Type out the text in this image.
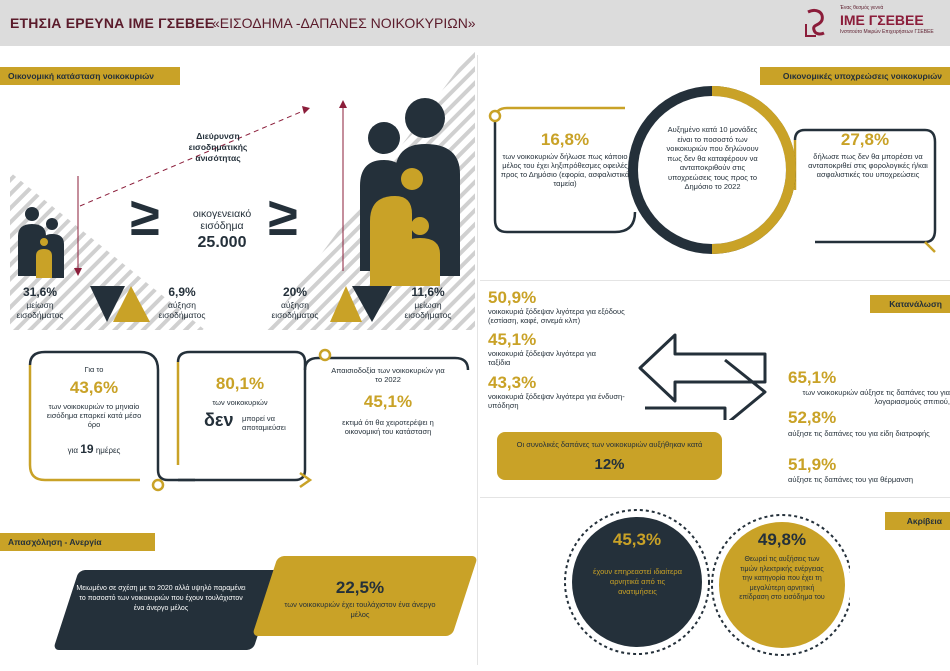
ΕΤΗΣΙΑ ΕΡΕΥΝΑ ΙΜΕ ΓΣΕΒΕΕ
«ΕΙΣΟΔΗΜΑ -ΔΑΠΑΝΕΣ ΝΟΙΚΟΚΥΡΙΩΝ»
Ένας θεσμός γεννά
ΙΜΕ ΓΣΕΒΕΕ
Ινστιτούτο Μικρών Επιχειρήσεων ΓΣΕΒΕΕ
Οικονομική κατάσταση νοικοκυριών
Διεύρυνση εισοδηματικής ανισότητας
≥ ≥
οικογενειακό εισόδημα
25.000
31,6%
μείωση εισοδήματος
6,9%
αύξηση εισοδήματος
20%
αύξηση εισοδήματος
11,6%
μείωση εισοδήματος
Για το
43,6%
των νοικοκυριών το μηνιαίο εισόδημα επαρκεί κατά μέσο όρο
για 19 ημέρες
80,1%
των νοικοκυριών
δεν μπορεί να αποταμιεύσει
Απαισιοδοξία των νοικοκυριών για το 2022
45,1%
εκτιμά ότι θα χειροτερέψει η οικονομική του κατάσταση
Απασχόληση - Ανεργία
Μειωμένο σε σχέση με το 2020 αλλά υψηλό παραμένει το ποσοστό των νοικοκυριών που έχουν τουλάχιστον ένα άνεργο μέλος
22,5%
των νοικοκυριών έχει τουλάχιστον ένα άνεργο μέλος
Οικονομικές υποχρεώσεις νοικοκυριών
16,8%
των νοικοκυριών δήλωσε πως κάποιο μέλος του έχει ληξιπρόθεσμες οφειλές προς το Δημόσιο (εφορία, ασφαλιστικά ταμεία)
Αυξημένο κατά 10 μονάδες είναι το ποσοστό των νοικοκυριών που δηλώνουν πως δεν θα καταφέρουν να ανταποκριθούν στις υποχρεώσεις τους προς το Δημόσιο το 2022
27,8%
δήλωσε πως δεν θα μπορέσει να ανταποκριθεί στις φορολογικές ή/και ασφαλιστικές του υποχρεώσεις
Κατανάλωση
50,9%
νοικοκυριά ξόδεψαν λιγότερα για εξόδους (εστίαση, καφέ, σινεμά κλπ)
45,1%
νοικοκυριά ξόδεψαν λιγότερα για ταξίδια
43,3%
νοικοκυριά ξόδεψαν λιγότερα για ένδυση-υπόδηση
Οι συνολικές δαπάνες των νοικοκυριών αυξήθηκαν κατά
12%
65,1%
των νοικοκυριών αύξησε τις δαπάνες του για λογαριασμούς σπιτιού,
52,8%
αύξησε τις δαπάνες του για είδη διατροφής
51,9%
αύξησε τις δαπάνες του για θέρμανση
Ακρίβεια
45,3%
έχουν επηρεαστεί ιδιαίτερα αρνητικά από τις ανατιμήσεις
49,8%
Θεωρεί τις αυξήσεις των τιμών ηλεκτρικής ενέργειας την κατηγορία που έχει τη μεγαλύτερη αρνητική επίδραση στο εισόδημα του
